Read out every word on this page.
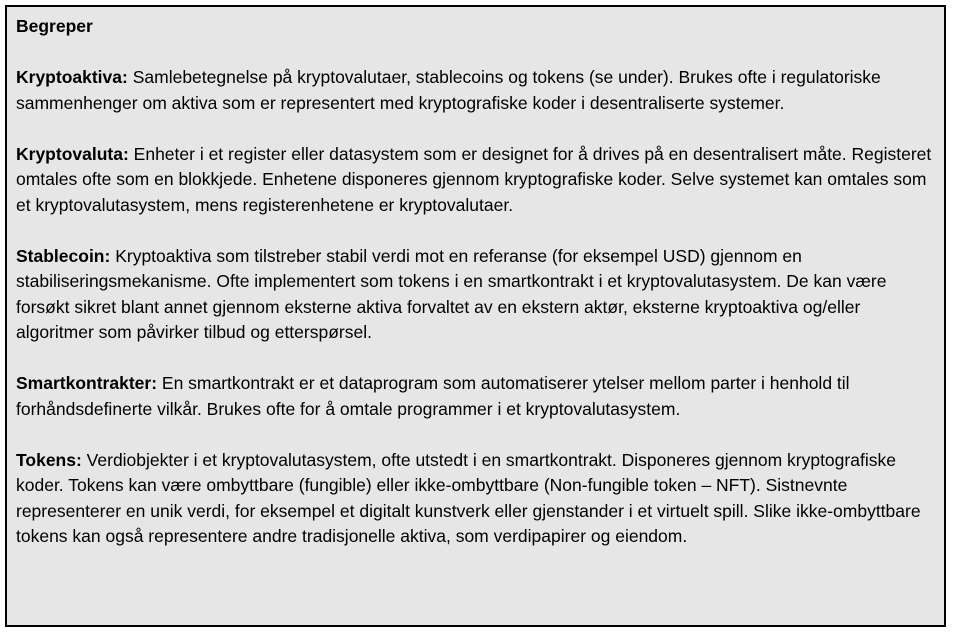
Begreper

Kryptoaktiva: Samlebetegnelse på kryptovalutaer, stablecoins og tokens (se under). Brukes ofte i regulatoriske sammenhenger om aktiva som er representert med kryptografiske koder i desentraliserte systemer.

Kryptovaluta: Enheter i et register eller datasystem som er designet for å drives på en desentralisert måte. Registeret omtales ofte som en blokkjede. Enhetene disponeres gjennom kryptografiske koder. Selve systemet kan omtales som et kryptovalutasystem, mens registerenhetene er kryptovalutaer.

Stablecoin: Kryptoaktiva som tilstreber stabil verdi mot en referanse (for eksempel USD) gjennom en stabiliseringsmekanisme. Ofte implementert som tokens i en smartkontrakt i et kryptovalutasystem. De kan være forsøkt sikret blant annet gjennom eksterne aktiva forvaltet av en ekstern aktør, eksterne kryptoaktiva og/eller algoritmer som påvirker tilbud og etterspørsel.

Smartkontrakter: En smartkontrakt er et dataprogram som automatiserer ytelser mellom parter i henhold til forhåndsdefinerte vilkår. Brukes ofte for å omtale programmer i et kryptovalutasystem.

Tokens: Verdiobjekter i et kryptovalutasystem, ofte utstedt i en smartkontrakt. Disponeres gjennom kryptografiske koder. Tokens kan være ombyttbare (fungible) eller ikke-ombyttbare (Non-fungible token – NFT). Sistnevnte representerer en unik verdi, for eksempel et digitalt kunstverk eller gjenstander i et virtuelt spill. Slike ikke-ombyttbare tokens kan også representere andre tradisjonelle aktiva, som verdipapirer og eiendom.
